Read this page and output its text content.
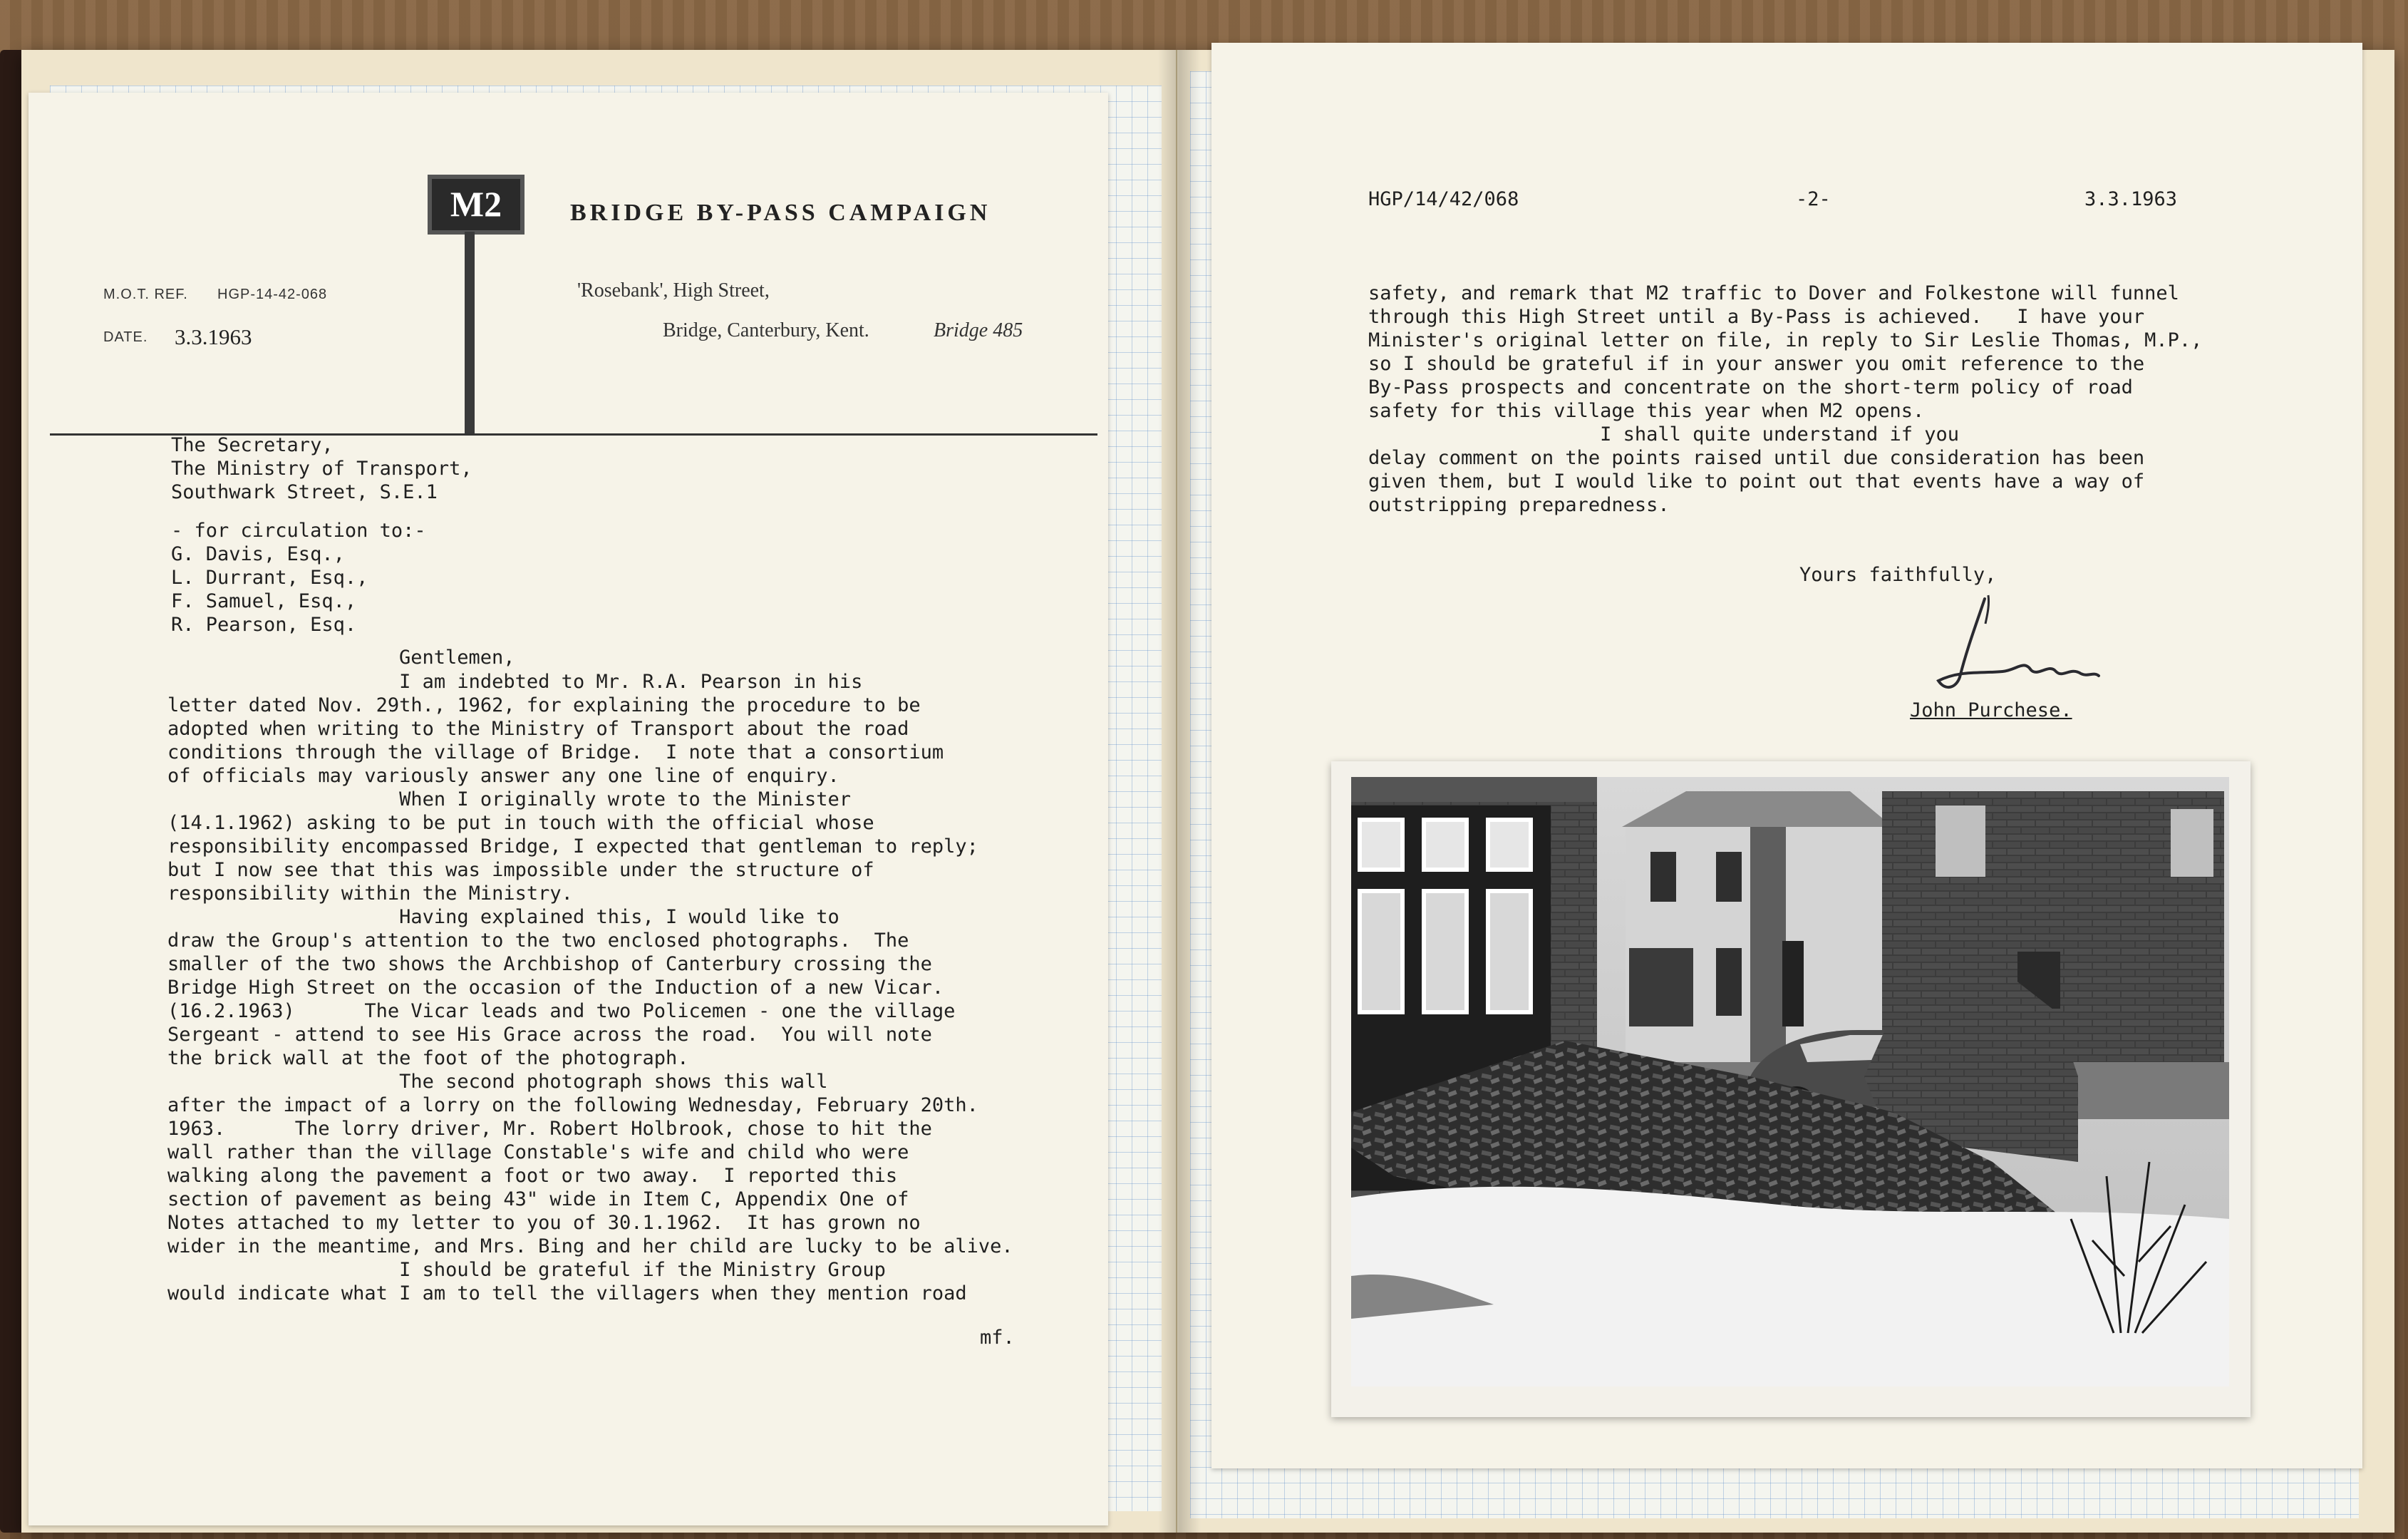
M2	BRIDGE BY-PASS CAMPAIGN
'Rosebank', High Street,
Bridge, Canterbury, Kent.	Bridge 485
M.O.T. REF. HGP-14-42-068
DATE. 3.3.1963
The Secretary,
The Ministry of Transport,
Southwark Street, S.E.1
- for circulation to:-
G. Davis, Esq.,
L. Durrant, Esq.,
F. Samuel, Esq.,
R. Pearson, Esq.
Gentlemen,
I am indebted to Mr. R.A. Pearson in his
letter dated Nov. 29th., 1962, for explaining the procedure to be
adopted when writing to the Ministry of Transport about the road
conditions through the village of Bridge.  I note that a consortium
of officials may variously answer any one line of enquiry.
When I originally wrote to the Minister
(14.1.1962) asking to be put in touch with the official whose
responsibility encompassed Bridge, I expected that gentleman to reply;
but I now see that this was impossible under the structure of
responsibility within the Ministry.
Having explained this, I would like to
draw the Group's attention to the two enclosed photographs.  The
smaller of the two shows the Archbishop of Canterbury crossing the
Bridge High Street on the occasion of the Induction of a new Vicar.
(16.2.1963)      The Vicar leads and two Policemen - one the village
Sergeant - attend to see His Grace across the road.  You will note
the brick wall at the foot of the photograph.
The second photograph shows this wall
after the impact of a lorry on the following Wednesday, February 20th.
1963.      The lorry driver, Mr. Robert Holbrook, chose to hit the
wall rather than the village Constable's wife and child who were
walking along the pavement a foot or two away.  I reported this
section of pavement as being 43" wide in Item C, Appendix One of
Notes attached to my letter to you of 30.1.1962.  It has grown no
wider in the meantime, and Mrs. Bing and her child are lucky to be alive.
I should be grateful if the Ministry Group
would indicate what I am to tell the villagers when they mention road
mf.
HGP/14/42/068	-2-	3.3.1963
safety, and remark that M2 traffic to Dover and Folkestone will funnel
through this High Street until a By-Pass is achieved.   I have your
Minister's original letter on file, in reply to Sir Leslie Thomas, M.P.,
so I should be grateful if in your answer you omit reference to the
By-Pass prospects and concentrate on the short-term policy of road
safety for this village this year when M2 opens.
I shall quite understand if you
delay comment on the points raised until due consideration has been
given them, but I would like to point out that events have a way of
outstripping preparedness.
Yours faithfully,
John Purchese.
